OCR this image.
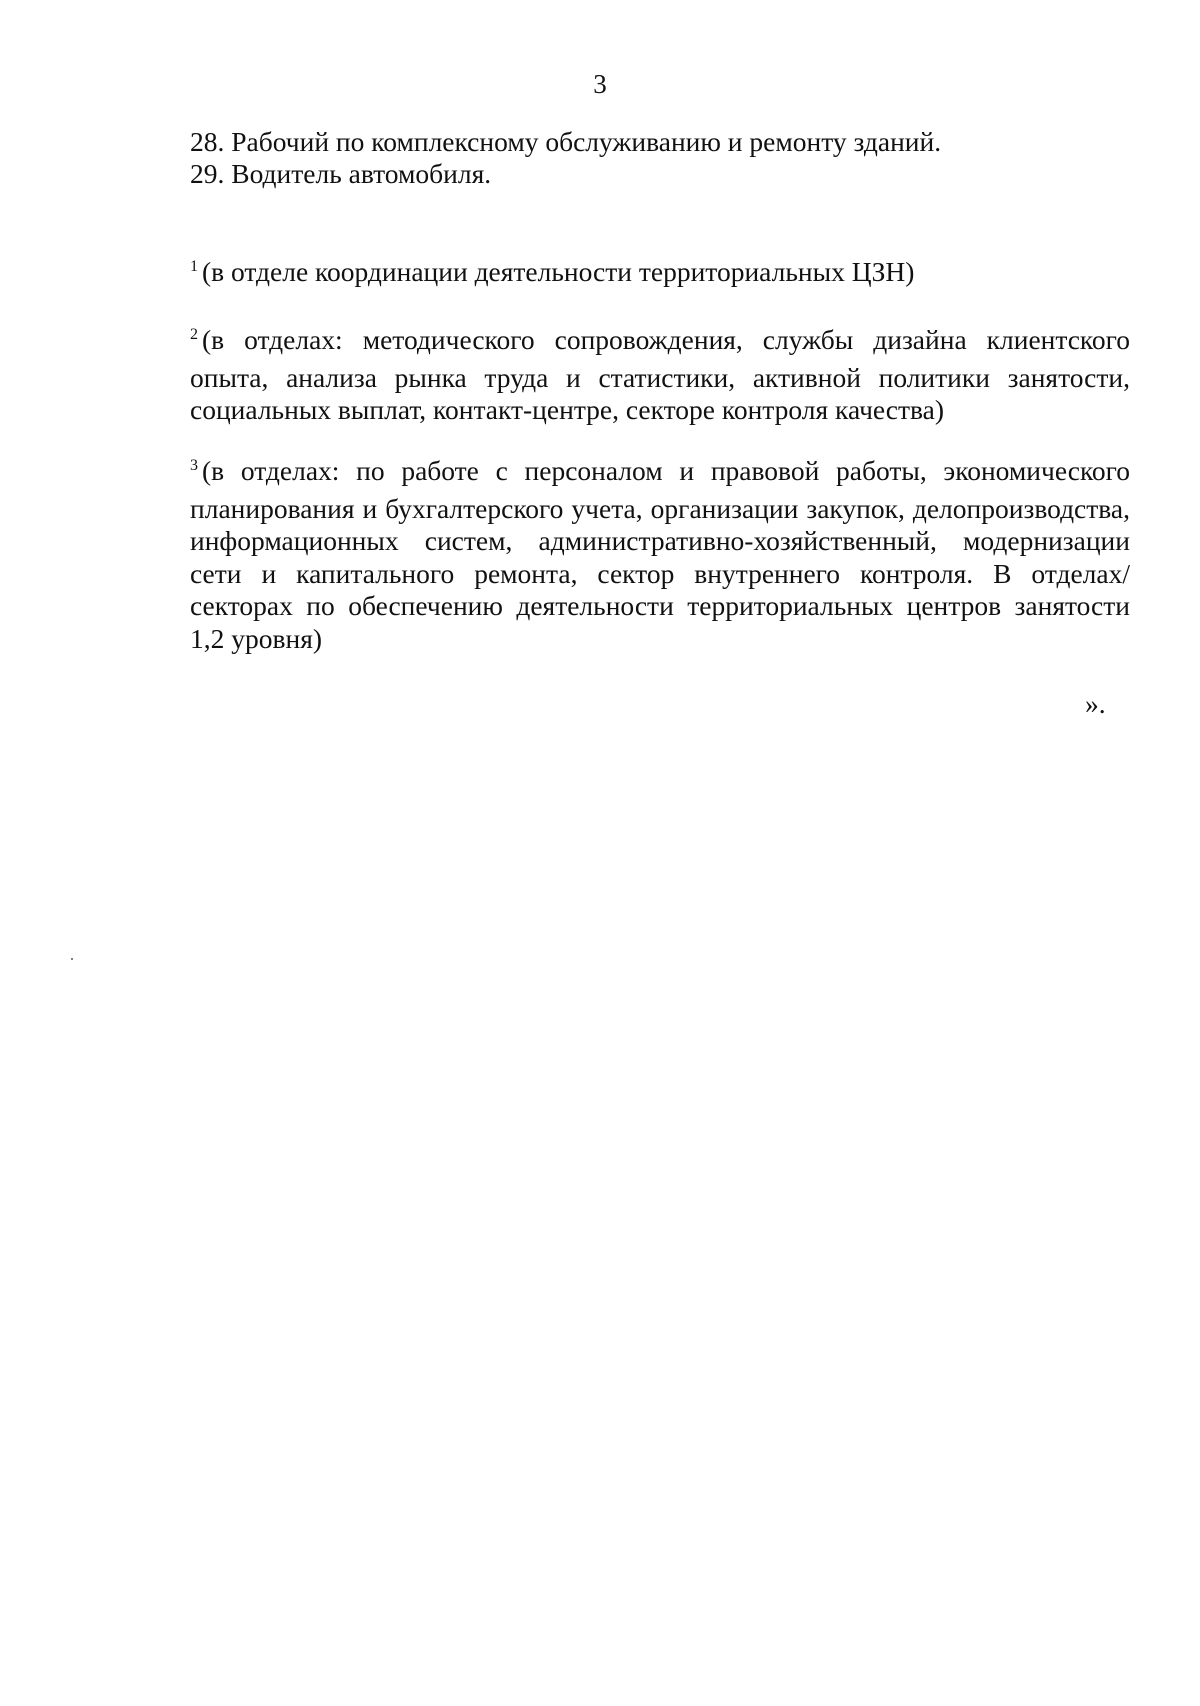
3

28. Рабочий по комплексному обслуживанию и ремонту зданий.

29. Водитель автомобиля.

$^1$ (в отделе координации деятельности территориальных ЦЗН)
$^2$ (в отделах: методического сопровождения, службы дизайна клиентского опыта, анализа рынка труда и статистики, активной политики занятости, социальных выплат, контакт-центре, секторе контроля качества)
$^3$ (в отделах: по работе с персоналом и правовой работы, экономического планирования и бухгалтерского учета, организации закупок, делопроизводства, информационных систем, административно-хозяйственный, модернизации сети и капитального ремонта, сектор внутреннего контроля. В отделах/ секторах по обеспечению деятельности территориальных центров занятости 1,2 уровня)
».
